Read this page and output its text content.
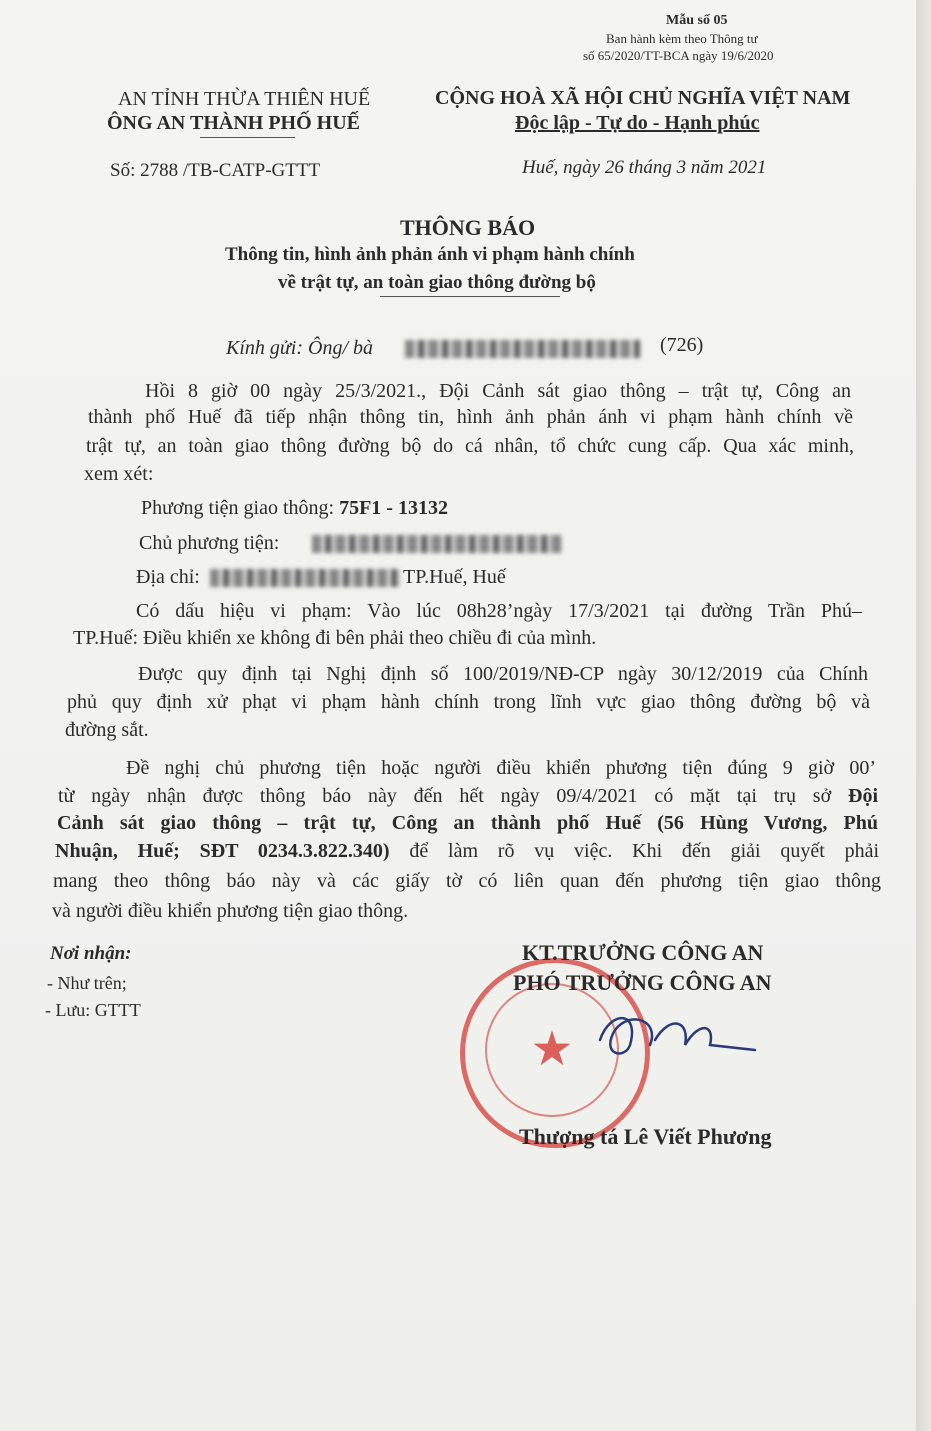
Mẫu số 05
Ban hành kèm theo Thông tư
số 65/2020/TT-BCA ngày 19/6/2020
AN TỈNH THỪA THIÊN HUẾ
ÔNG AN THÀNH PHỐ HUẾ
Số: 2788 /TB-CATP-GTTT
CỘNG HOÀ XÃ HỘI CHỦ NGHĨA VIỆT NAM
Độc lập - Tự do - Hạnh phúc
Huế, ngày 26 tháng 3 năm 2021
THÔNG BÁO
Thông tin, hình ảnh phản ánh vi phạm hành chính
về trật tự, an toàn giao thông đường bộ
Kính gửi: Ông/ bà	(726)
Hồi 8 giờ 00 ngày 25/3/2021., Đội Cảnh sát giao thông – trật tự, Công an
thành phố Huế đã tiếp nhận thông tin, hình ảnh phản ánh vi phạm hành chính về
trật tự, an toàn giao thông đường bộ do cá nhân, tổ chức cung cấp. Qua xác minh,
xem xét:
Phương tiện giao thông: 75F1 - 13132
Chủ phương tiện:
Địa chỉ:	TP.Huế, Huế
Có dấu hiệu vi phạm: Vào lúc 08h28’ngày 17/3/2021 tại đường Trần Phú–
TP.Huế: Điều khiển xe không đi bên phải theo chiều đi của mình.
Được quy định tại Nghị định số 100/2019/NĐ-CP ngày 30/12/2019 của Chính
phủ quy định xử phạt vi phạm hành chính trong lĩnh vực giao thông đường bộ và
đường sắt.
Đề nghị chủ phương tiện hoặc người điều khiển phương tiện đúng 9 giờ 00’
từ ngày nhận được thông báo này đến hết ngày 09/4/2021 có mặt tại trụ sở Đội
Cảnh sát giao thông – trật tự, Công an thành phố Huế (56 Hùng Vương, Phú
Nhuận, Huế; SĐT 0234.3.822.340) để làm rõ vụ việc. Khi đến giải quyết phải
mang theo thông báo này và các giấy tờ có liên quan đến phương tiện giao thông
và người điều khiển phương tiện giao thông.
Nơi nhận:
- Như trên;
- Lưu: GTTT
★
KT.TRƯỞNG CÔNG AN
PHÓ TRƯỞNG CÔNG AN
Thượng tá Lê Viết Phương
